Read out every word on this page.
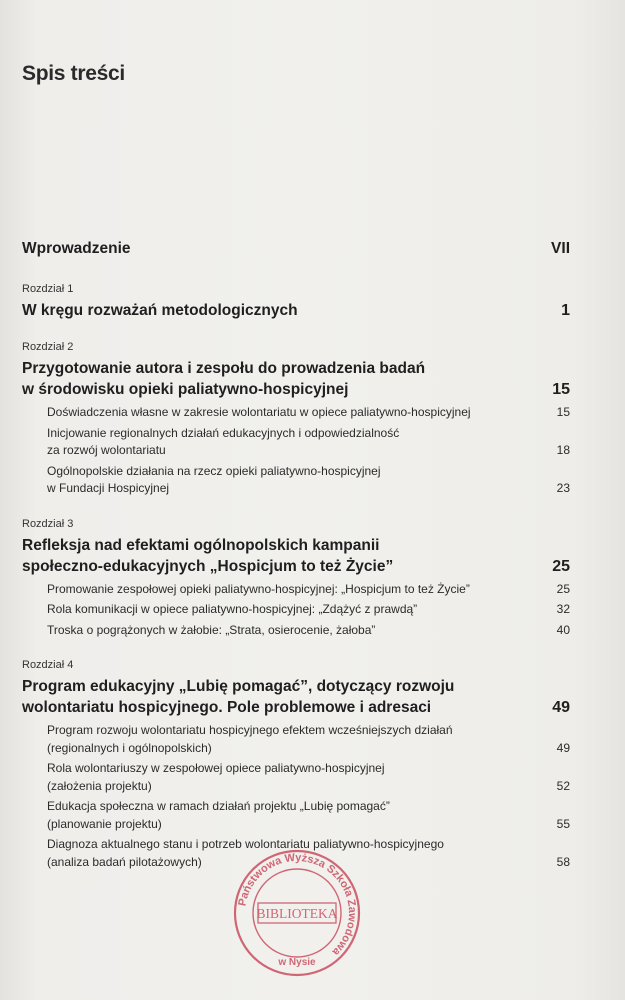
Spis treści
Wprowadzenie	VII
Rozdział 1
W kręgu rozważań metodologicznych	1
Rozdział 2
Przygotowanie autora i zespołu do prowadzenia badań
w środowisku opieki paliatywno-hospicyjnej	15
Doświadczenia własne w zakresie wolontariatu w opiece paliatywno-hospicyjnej	15
Inicjowanie regionalnych działań edukacyjnych i odpowiedzialność
za rozwój wolontariatu	18
Ogólnopolskie działania na rzecz opieki paliatywno-hospicyjnej
w Fundacji Hospicyjnej	23
Rozdział 3
Refleksja nad efektami ogólnopolskich kampanii
społeczno-edukacyjnych „Hospicjum to też Życie”	25
Promowanie zespołowej opieki paliatywno-hospicyjnej: „Hospicjum to też Życie”	25
Rola komunikacji w opiece paliatywno-hospicyjnej: „Zdążyć z prawdą”	32
Troska o pogrążonych w żałobie: „Strata, osierocenie, żałoba”	40
Rozdział 4
Program edukacyjny „Lubię pomagać”, dotyczący rozwoju
wolontariatu hospicyjnego. Pole problemowe i adresaci	49
Program rozwoju wolontariatu hospicyjnego efektem wcześniejszych działań
(regionalnych i ogólnopolskich)	49
Rola wolontariuszy w zespołowej opiece paliatywno-hospicyjnej
(założenia projektu)	52
Edukacja społeczna w ramach działań projektu „Lubię pomagać”
(planowanie projektu)	55
Diagnoza aktualnego stanu i potrzeb wolontariatu paliatywno-hospicyjnego
(analiza badań pilotażowych)	58
Państwowa Wyższa Szkoła Zawodowa
BIBLIOTEKA
w Nysie
